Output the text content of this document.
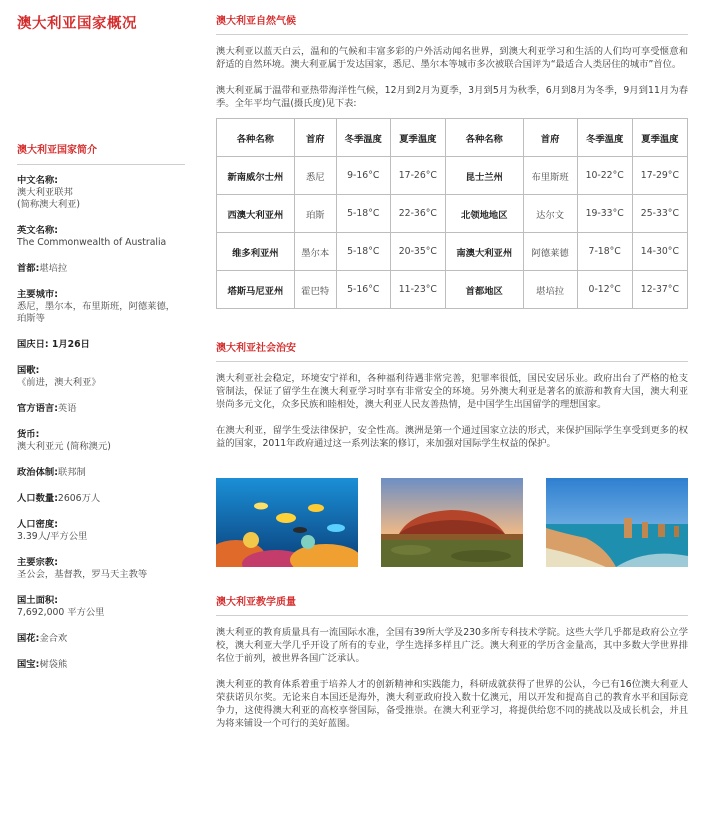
澳大利亚国家概况
澳大利亚国家简介
中文名称:
澳大利亚联邦
(简称澳大利亚)
英文名称:
The Commonwealth of Australia
首都:堪培拉
主要城市:
悉尼，墨尔本，布里斯班，阿德莱德，珀斯等
国庆日: 1月26日
国歌:
《前进，澳大利亚》
官方语言:英语
货币:
澳大利亚元 (简称澳元)
政治体制:联邦制
人口数量:2606万人
人口密度:
3.39人/平方公里
主要宗教:
圣公会，基督教，罗马天主教等
国土面积:
7,692,000 平方公里
国花:金合欢
国宝:树袋熊
澳大利亚自然气候

澳大利亚以蓝天白云，温和的气候和丰富多彩的户外活动闻名世界，到澳大利亚学习和生活的人们均可享受惬意和舒适的自然环境。澳大利亚属于发达国家，悉尼、墨尔本等城市多次被联合国评为“最适合人类居住的城市”首位。

澳大利亚属于温带和亚热带海洋性气候，12月到2月为夏季，3月到5月为秋季，6月到8月为冬季，9月到11月为春季。全年平均气温(摄氏度)见下表:

各种名称	首府	冬季温度	夏季温度	各种名称	首府	冬季温度	夏季温度
新南威尔士州	悉尼	9-16°C	17-26°C	昆士兰州	布里斯班	10-22°C	17-29°C
西澳大利亚州	珀斯	5-18°C	22-36°C	北领地地区	达尔文	19-33°C	25-33°C
维多利亚州	墨尔本	5-18°C	20-35°C	南澳大利亚州	阿德莱德	7-18°C	14-30°C
塔斯马尼亚州	霍巴特	5-16°C	11-23°C	首都地区	堪培拉	0-12°C	12-37°C
澳大利亚社会治安

澳大利亚社会稳定，环境安宁祥和，各种福利待遇非常完善，犯罪率很低，国民安居乐业。政府出台了严格的枪支管制法，保证了留学生在澳大利亚学习时享有非常安全的环境。另外澳大利亚是著名的旅游和教育大国，澳大利亚崇尚多元文化，众多民族和睦相处，澳大利亚人民友善热情，是中国学生出国留学的理想国家。

在澳大利亚，留学生受法律保护，安全性高。澳洲是第一个通过国家立法的形式，来保护国际学生享受到更多的权益的国家，2011年政府通过这一系列法案的修订，来加强对国际学生权益的保护。

澳大利亚教学质量

澳大利亚的教育质量具有一流国际水准，全国有39所大学及230多所专科技术学院。这些大学几乎都是政府公立学校，澳大利亚大学几乎开设了所有的专业，学生选择多样且广泛。澳大利亚的学历含金量高，其中多数大学世界排名位于前列，被世界各国广泛承认。

澳大利亚的教育体系着重于培养人才的创新精神和实践能力，科研成就获得了世界的公认，今已有16位澳大利亚人荣获诺贝尔奖。无论来自本国还是海外，澳大利亚政府投入数十亿澳元，用以开发和提高自己的教育水平和国际竞争力，这使得澳大利亚的高校享誉国际，备受推崇。在澳大利亚学习，将提供给您不同的挑战以及成长机会，并且为将来铺设一个可行的美好蓝图。
